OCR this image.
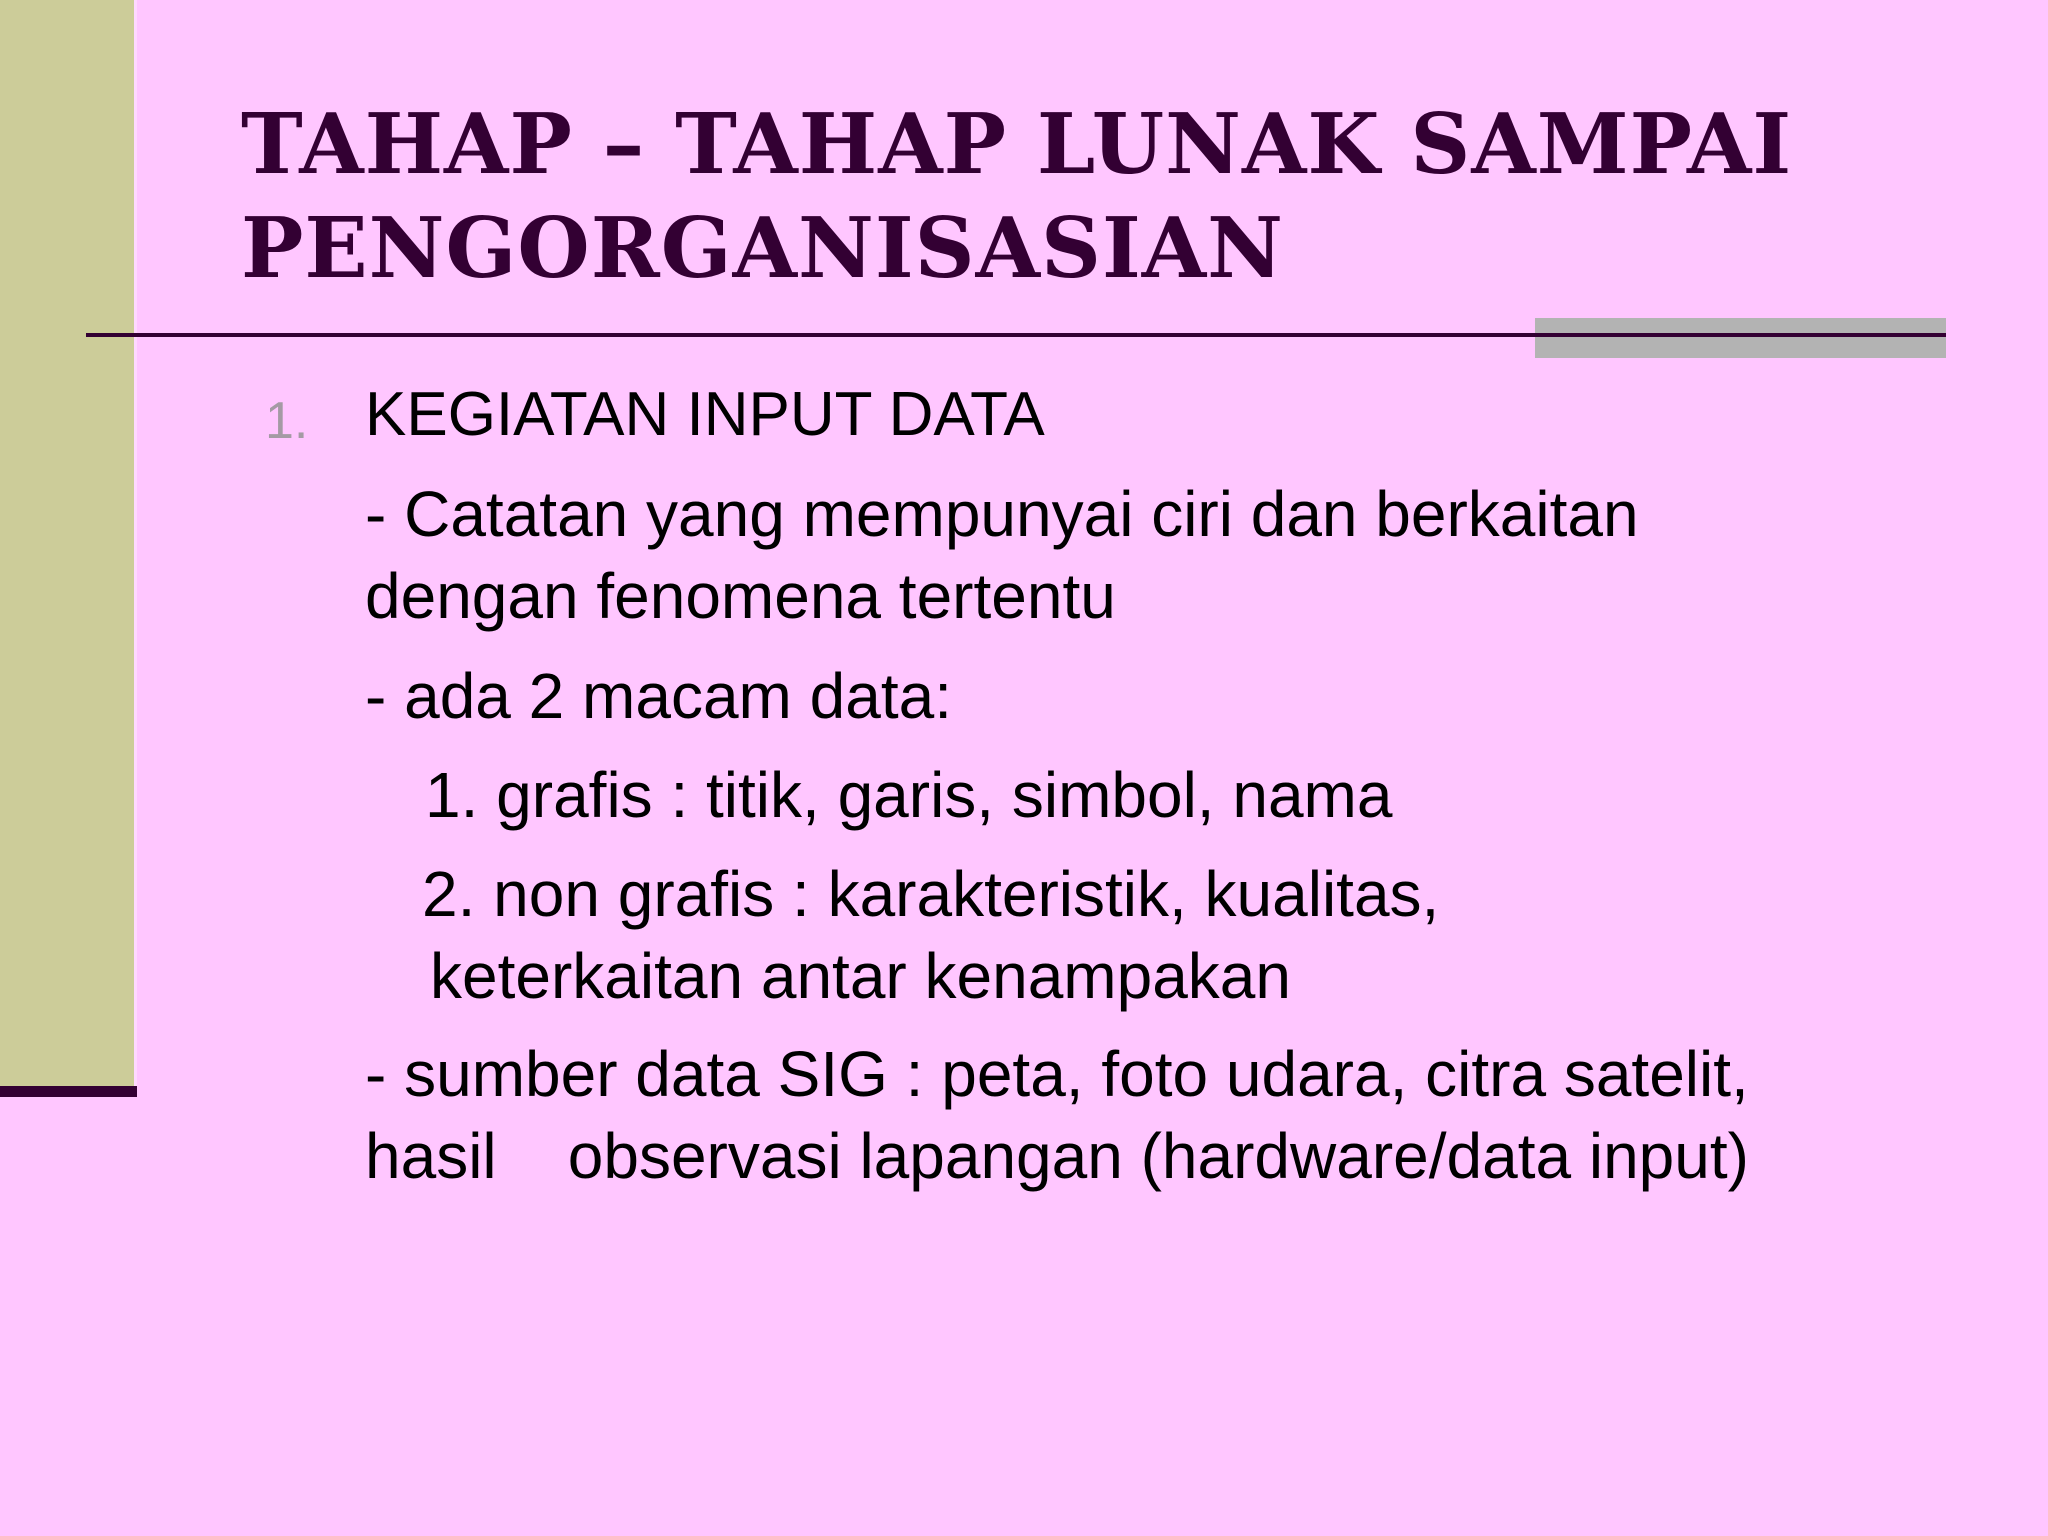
TAHAP – TAHAP LUNAK SAMPAI
PENGORGANISASIAN
1. KEGIATAN INPUT DATA
- Catatan yang mempunyai ciri dan berkaitan
dengan fenomena tertentu
- ada 2 macam data:
1. grafis : titik, garis, simbol, nama
2. non grafis : karakteristik, kualitas,
keterkaitan antar kenampakan
- sumber data SIG : peta, foto udara, citra satelit,
hasil    observasi lapangan (hardware/data input)
